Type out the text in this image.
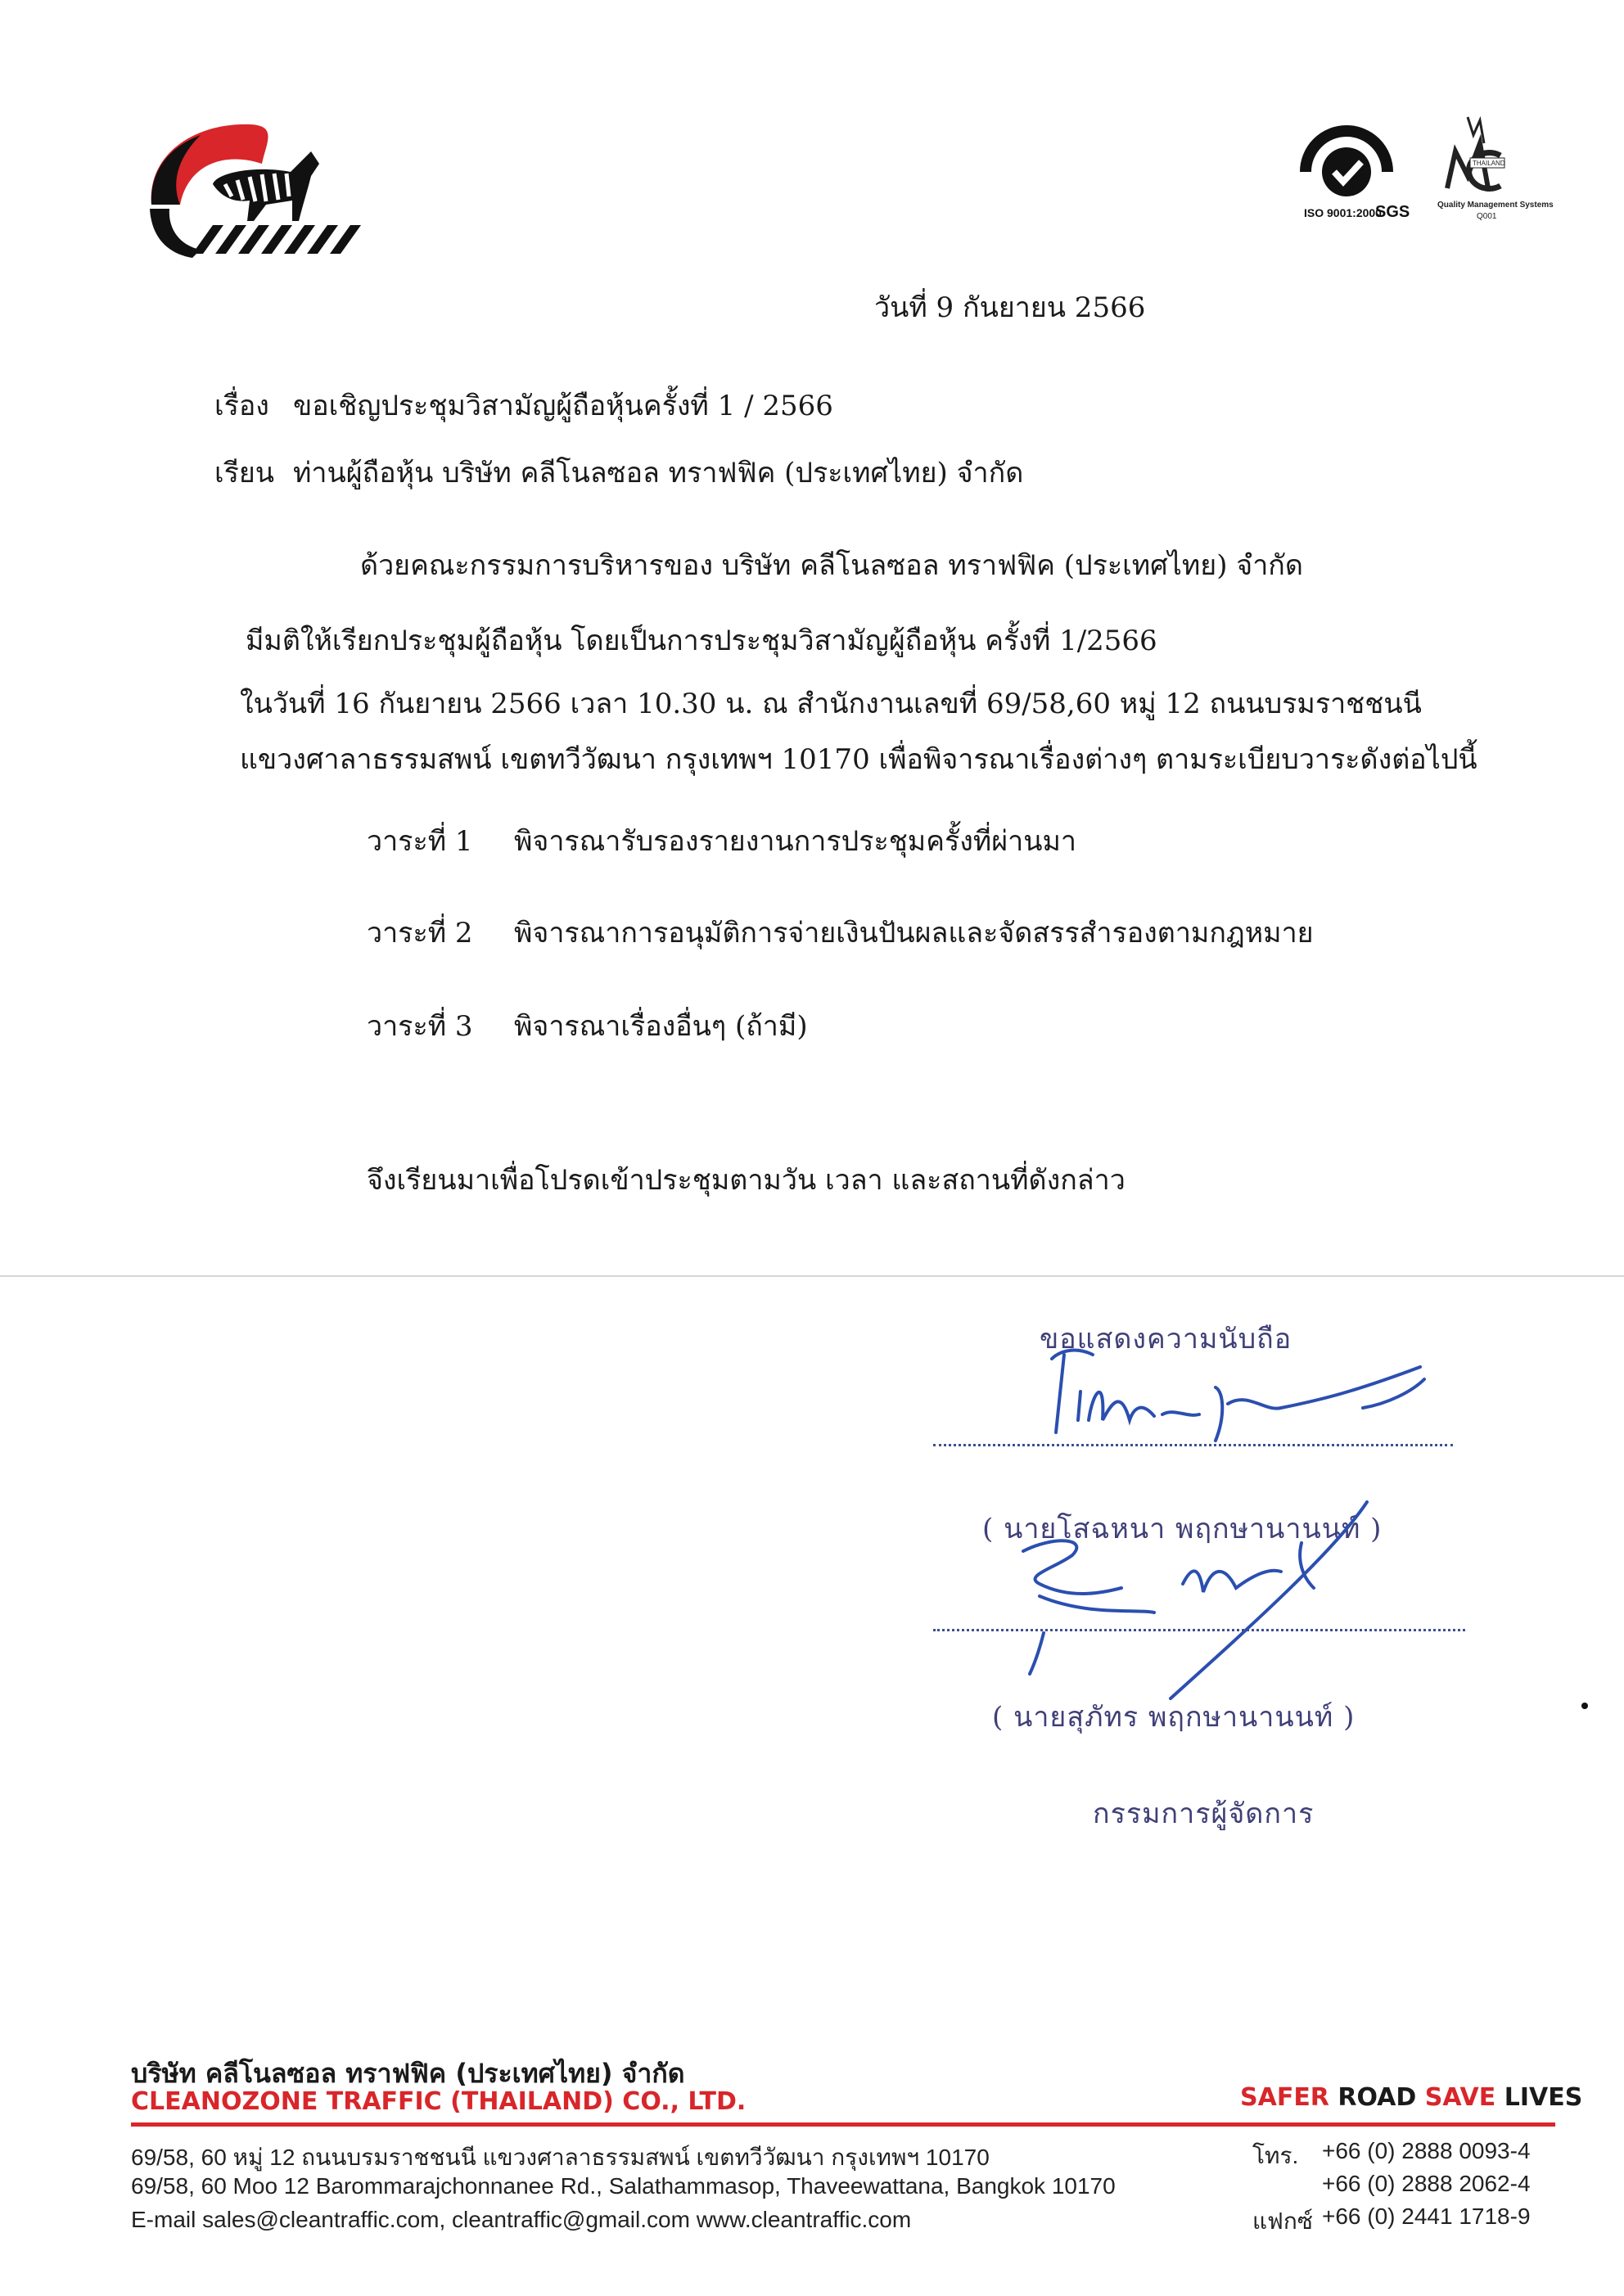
ISO 9001:2000
SGS
THAILAND
Quality Management Systems
Q001
วันที่ 9 กันยายน 2566
เรื่อง ขอเชิญประชุมวิสามัญผู้ถือหุ้นครั้งที่ 1 / 2566
เรียน ท่านผู้ถือหุ้น บริษัท คลีโนลซอล ทราฟฟิค (ประเทศไทย) จำกัด
ด้วยคณะกรรมการบริหารของ บริษัท คลีโนลซอล ทราฟฟิค (ประเทศไทย) จำกัด
มีมติให้เรียกประชุมผู้ถือหุ้น โดยเป็นการประชุมวิสามัญผู้ถือหุ้น ครั้งที่ 1/2566
ในวันที่ 16 กันยายน 2566 เวลา 10.30 น. ณ สำนักงานเลขที่ 69/58,60 หมู่ 12 ถนนบรมราชชนนี
แขวงศาลาธรรมสพน์ เขตทวีวัฒนา กรุงเทพฯ 10170 เพื่อพิจารณาเรื่องต่างๆ ตามระเบียบวาระดังต่อไปนี้
วาระที่ 1 พิจารณารับรองรายงานการประชุมครั้งที่ผ่านมา
วาระที่ 2 พิจารณาการอนุมัติการจ่ายเงินปันผลและจัดสรรสำรองตามกฎหมาย
วาระที่ 3 พิจารณาเรื่องอื่นๆ (ถ้ามี)
จึงเรียนมาเพื่อโปรดเข้าประชุมตามวัน เวลา และสถานที่ดังกล่าว
ขอแสดงความนับถือ
( นายโสฉหนา พฤกษานานนท์ )
( นายสุภัทร พฤกษานานนท์ )
กรรมการผู้จัดการ
บริษัท คลีโนลซอล ทราฟฟิค (ประเทศไทย) จำกัด
CLEANOZONE TRAFFIC (THAILAND) CO., LTD.	SAFER ROAD SAVE LIVES
69/58, 60 หมู่ 12 ถนนบรมราชชนนี แขวงศาลาธรรมสพน์ เขตทวีวัฒนา กรุงเทพฯ 10170
69/58, 60 Moo 12 Barommarajchonnanee Rd., Salathammasop, Thaveewattana, Bangkok 10170
E-mail sales@cleantraffic.com, cleantraffic@gmail.com www.cleantraffic.com
โทร. +66 (0) 2888 0093-4
+66 (0) 2888 2062-4
แฟกซ์ +66 (0) 2441 1718-9
